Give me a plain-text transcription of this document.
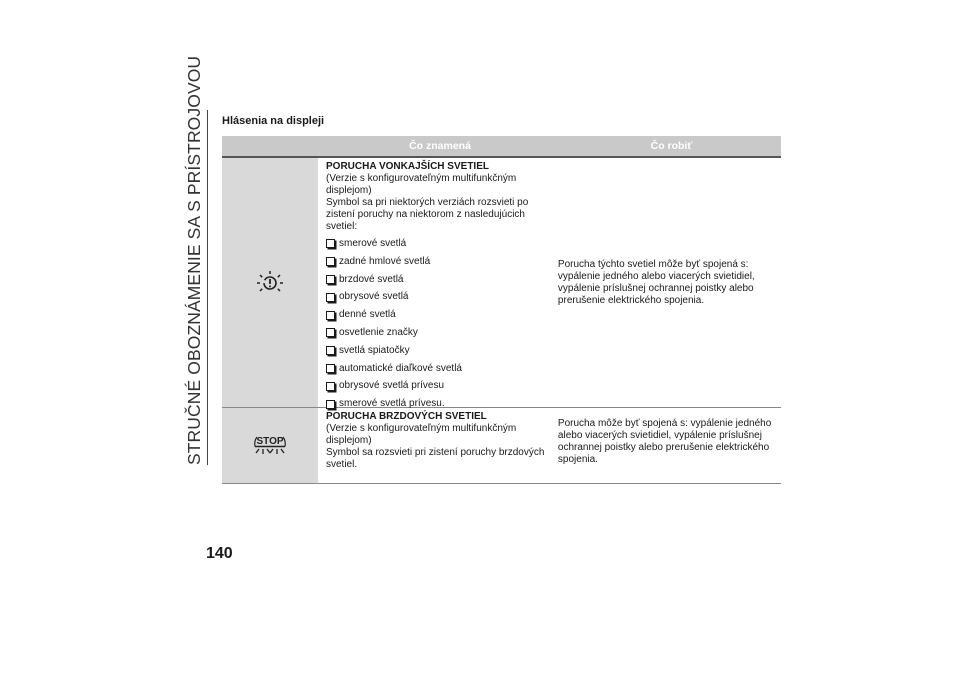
STRUČNÉ OBOZNÁMENIE SA S PRÍSTROJOVOU Hlásenia na displeji
Čo znamená	Čo robiť
PORUCHA VONKAJŠÍCH SVETIEL
(Verzie s konfigurovateľným multifunkčným displejom)
Symbol sa pri niektorých verziách rozsvieti po zistení poruchy na niektorom z nasledujúcich svetiel:
smerové svetlá
zadné hmlové svetlá
brzdové svetlá
obrysové svetlá
denné svetlá
osvetlenie značky
svetlá spiatočky
automatické diaľkové svetlá
obrysové svetlá prívesu
smerové svetlá prívesu.
Porucha týchto svetiel môže byť spojená s: vypálenie jedného alebo viacerých svietidiel, vypálenie príslušnej ochrannej poistky alebo prerušenie elektrického spojenia.
STOP
PORUCHA BRZDOVÝCH SVETIEL
(Verzie s konfigurovateľným multifunkčným displejom)
Symbol sa rozsvieti pri zistení poruchy brzdových svetiel.
Porucha môže byť spojená s: vypálenie jedného alebo viacerých svietidiel, vypálenie príslušnej ochrannej poistky alebo prerušenie elektrického spojenia.
140
